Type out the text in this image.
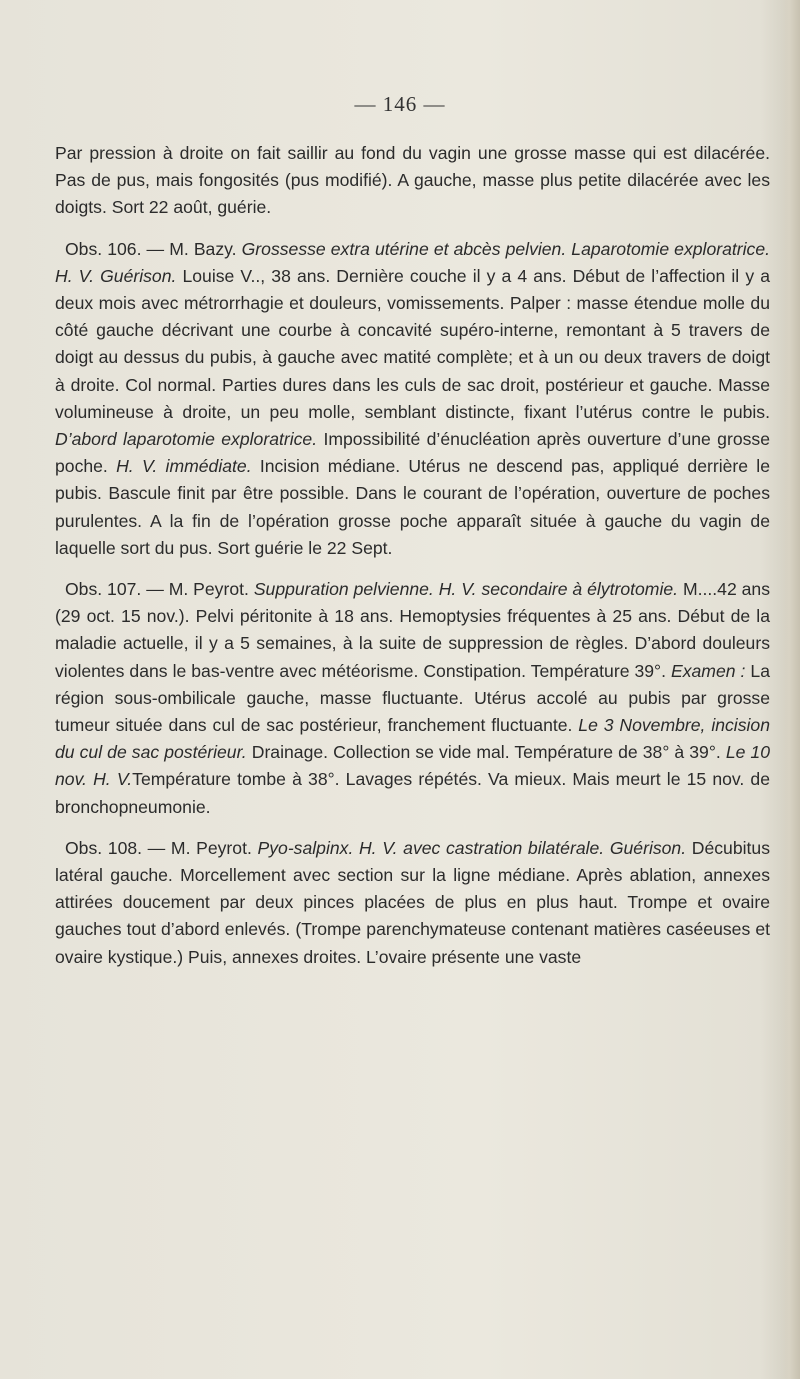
— 146 —

Par pression à droite on fait saillir au fond du vagin une grosse masse qui est dilacérée. Pas de pus, mais fongosités (pus modifié). A gauche, masse plus petite dilacérée avec les doigts. Sort 22 août, guérie.

Obs. 106. — M. Bazy. Grossesse extra utérine et abcès pelvien. Laparotomie exploratrice. H. V. Guérison. Louise V.., 38 ans. Dernière couche il y a 4 ans. Début de l’affection il y a deux mois avec métrorrhagie et douleurs, vomissements. Palper : masse étendue molle du côté gauche décrivant une courbe à concavité supéro-interne, remontant à 5 travers de doigt au dessus du pubis, à gauche avec matité complète; et à un ou deux travers de doigt à droite. Col normal. Parties dures dans les culs de sac droit, postérieur et gauche. Masse volumineuse à droite, un peu molle, semblant distincte, fixant l’utérus contre le pubis. D’abord laparotomie exploratrice. Impossibilité d’énucléation après ouverture d’une grosse poche. H. V. immédiate. Incision médiane. Utérus ne descend pas, appliqué derrière le pubis. Bascule finit par être possible. Dans le courant de l’opération, ouverture de poches purulentes. A la fin de l’opération grosse poche apparaît située à gauche du vagin de laquelle sort du pus. Sort guérie le 22 Sept.

Obs. 107. — M. Peyrot. Suppuration pelvienne. H. V. secondaire à élytrotomie. M....42 ans (29 oct. 15 nov.). Pelvi péritonite à 18 ans. Hemoptysies fréquentes à 25 ans. Début de la maladie actuelle, il y a 5 semaines, à la suite de suppression de règles. D’abord douleurs violentes dans le bas-ventre avec météorisme. Constipation. Température 39°. Examen : La région sous-ombilicale gauche, masse fluctuante. Utérus accolé au pubis par grosse tumeur située dans cul de sac postérieur, franchement fluctuante. Le 3 Novembre, incision du cul de sac postérieur. Drainage. Collection se vide mal. Température de 38° à 39°. Le 10 nov. H. V.Température tombe à 38°. Lavages répétés. Va mieux. Mais meurt le 15 nov. de bronchopneumonie.

Obs. 108. — M. Peyrot. Pyo-salpinx. H. V. avec castration bilatérale. Guérison. Décubitus latéral gauche. Morcellement avec section sur la ligne médiane. Après ablation, annexes attirées doucement par deux pinces placées de plus en plus haut. Trompe et ovaire gauches tout d’abord enlevés. (Trompe parenchymateuse contenant matières caséeuses et ovaire kystique.) Puis, annexes droites. L’ovaire présente une vaste
